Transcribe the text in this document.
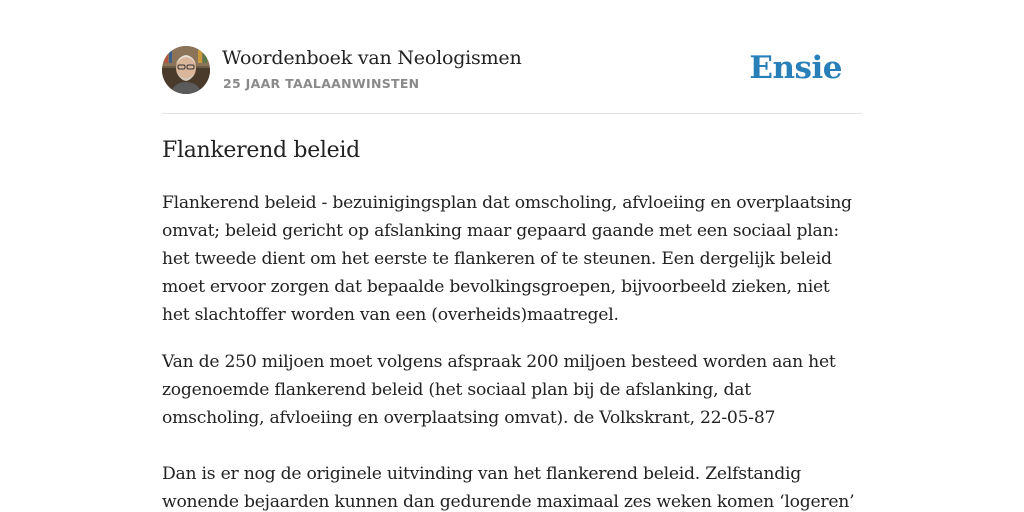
Woordenboek van Neologismen
25 JAAR TAALAANWINSTEN	Ensie
Flankerend beleid

Flankerend beleid - bezuinigingsplan dat omscholing, afvloeiing en overplaatsing
omvat; beleid gericht op afslanking maar gepaard gaande met een sociaal plan:
het tweede dient om het eerste te flankeren of te steunen. Een dergelijk beleid
moet ervoor zorgen dat bepaalde bevolkingsgroepen, bijvoorbeeld zieken, niet
het slachtoffer worden van een (overheids)maatregel.

Van de 250 miljoen moet volgens afspraak 200 miljoen besteed worden aan het
zogenoemde flankerend beleid (het sociaal plan bij de afslanking, dat
omscholing, afvloeiing en overplaatsing omvat). de Volkskrant, 22-05-87

Dan is er nog de originele uitvinding van het flankerend beleid. Zelfstandig
wonende bejaarden kunnen dan gedurende maximaal zes weken komen ‘logeren’
